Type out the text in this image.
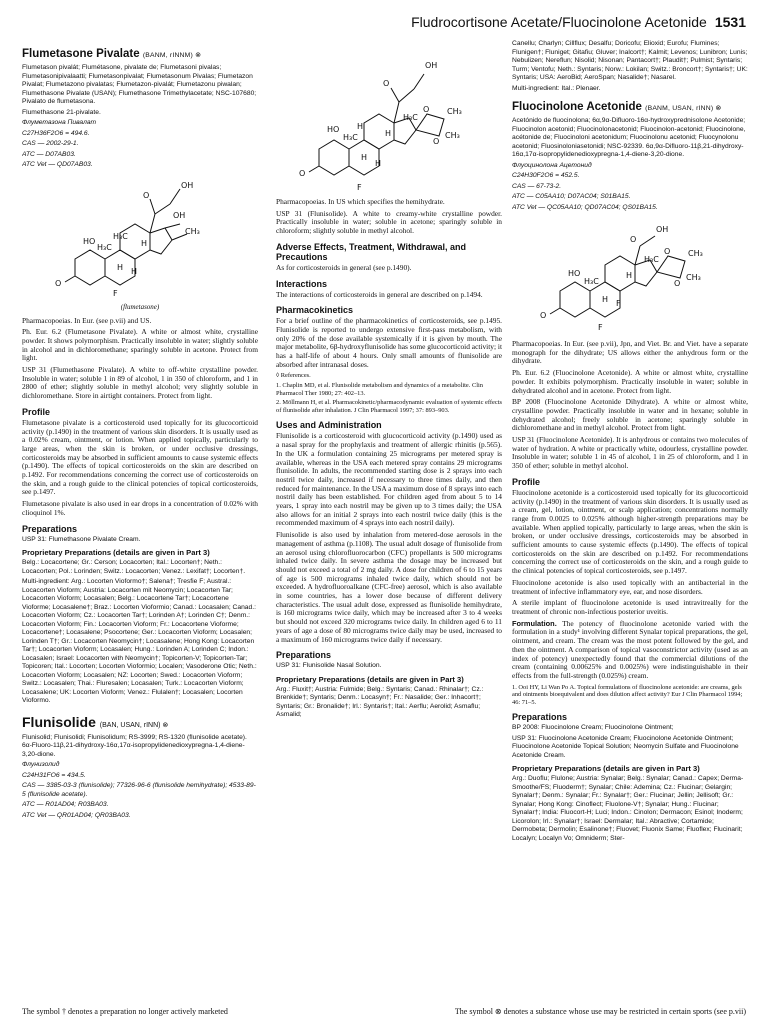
Fludrocortisone Acetate/Fluocinolone Acetonide 1531
Flumetasone Pivalate (BANM, rINNM) ⊗

Flumetason pivalát; Flumétasone, pivalate de; Flumetasoni pivalas; Flumetasonipivalaatti; Flumetasonpivalat; Flumetasonum Pivalas; Flumetazon Pivalat; Flumetazono pivalatas; Flumetazon-pivalát; Flumetazonu piwalan; Flumethasone Pivalate (USAN); Flumethasone Trimethylacetate; NSC-107680; Pivalato de flumetasona.

Flumethasone 21-pivalate.

Флуметазона Пивалат

C27H36F2O6 = 494.6.

CAS — 2002-29-1.

ATC — D07AB03.

ATC Vet — QD07AB03.

O
H₃C
HO
H₃C
H
H
F
OH
O
OH
CH₃
H
(flumetasone)

Pharmacopoeias. In Eur. (see p.vii) and US.

Ph. Eur. 6.2 (Flumetasone Pivalate). A white or almost white, crystalline powder. It shows polymorphism. Practically insoluble in water; slightly soluble in alcohol and in dichloromethane; sparingly soluble in acetone. Protect from light.

USP 31 (Flumethasone Pivalate). A white to off-white crystalline powder. Insoluble in water; soluble 1 in 89 of alcohol, 1 in 350 of chloroform, and 1 in 2800 of ether; slightly soluble in methyl alcohol; very slightly soluble in dichloromethane. Store in airtight containers. Protect from light.

Profile

Flumetasone pivalate is a corticosteroid used topically for its glucocorticoid activity (p.1490) in the treatment of various skin disorders. It is usually used as a 0.02% cream, ointment, or lotion. When applied topically, particularly to large areas, when the skin is broken, or under occlusive dressings, corticosteroids may be absorbed in sufficient amounts to cause systemic effects (p.1490). The effects of topical corticosteroids on the skin are described on p.1492. For recommendations concerning the correct use of corticosteroids on the skin, and a rough guide to the clinical potencies of topical corticosteroids, see p.1497.

Flumetasone pivalate is also used in ear drops in a concentration of 0.02% with clioquinol 1%.

Preparations

USP 31: Flumethasone Pivalate Cream.

Proprietary Preparations (details are given in Part 3)

Belg.: Locacortene; Gr.: Cerson; Locacorten; Ital.: Locorten†; Neth.: Locacorten; Pol.: Lorinden; Switz.: Locacorten; Venez.: Lexifat†; Locorten†.

Multi-ingredient: Arg.: Locorten Vioformo†; Salena†; Tresfie F; Austral.: Locacorten Vioform; Austria: Locacorten mit Neomycin; Locacorten Tar; Locacorten Vioform; Locasalen; Belg.: Locacortene Tar†; Locacortene Vioforme; Locasalene†; Braz.: Locorten Vioformio; Canad.: Locasalen; Canad.: Locacorten Vioform; Cz.: Locacorten Tar†; Lorinden A†; Lorinden C†; Denm.: Locacorten Vioform; Fin.: Locacorten Vioform; Fr.: Locacortene Vioforme; Locacortene†; Locasalene; Psocortene; Ger.: Locacorten Vioform; Locasalen; Lorinden T†; Gr.: Locacorten Neomycin†; Locasalene; Hong Kong: Locacorten Tar†; Locacorten Vioform; Locasalen; Hung.: Lorinden A; Lorinden C; Indon.: Locasalen; Israel: Locacorten with Neomycin†; Topicorten-V; Topicorten-Tar; Topicoren; Ital.: Locorten; Locorten Vioformio; Localen; Vasoderone Otic; Neth.: Locacorten Vioform; Locasalen; NZ: Locorten; Swed.: Locacorten Vioform; Switz.: Locasalen; Thai.: Fluresalen; Locasalen; Turk.: Locacorten Vioform; Locasalene; UK: Locorten Vioform; Venez.: Flulalen†; Locasalen; Locorten Vioformo.

Flunisolide (BAN, USAN, rINN) ⊗

Flunisolid; Flunisolidi; Flunisolidum; RS-3999; RS-1320 (flunisolide acetate). 6α-Fluoro-11β,21-dihydroxy-16α,17α-isopropylidenedioxypregna-1,4-diene-3,20-dione.

Флунизолид

C24H31FO6 = 434.5.

CAS — 3385-03-3 (flunisolide); 77326-96-6 (flunisolide hemihydrate); 4533-89-5 (flunisolide acetate).

ATC — R01AD04; R03BA03.

ATC Vet — QR01AD04; QR03BA03.

O
HO
H₃C
H
H
H
F
H
OH
O
H₃C
CH₃
CH₃
O
O

Pharmacopoeias. In US which specifies the hemihydrate.

USP 31 (Flunisolide). A white to creamy-white crystalline powder. Practically insoluble in water; soluble in acetone; sparingly soluble in chloroform; slightly soluble in methyl alcohol.

Adverse Effects, Treatment, Withdrawal, and Precautions

As for corticosteroids in general (see p.1490).

Interactions

The interactions of corticosteroids in general are described on p.1494.

Pharmacokinetics

For a brief outline of the pharmacokinetics of corticosteroids, see p.1495. Flunisolide is reported to undergo extensive first-pass metabolism, with only 20% of the dose available systemically if it is given by mouth. The major metabolite, 6β-hydroxyflunisolide has some glucocorticoid activity; it has a half-life of about 4 hours. Only small amounts of flunisolide are absorbed after intranasal doses.

◊ References.

1. Chaplin MD, et al. Flunisolide metabolism and dynamics of a metabolite. Clin Pharmacol Ther 1980; 27: 402–13.

2. Möllmann H, et al. Pharmacokinetic/pharmacodynamic evaluation of systemic effects of flunisolide after inhalation. J Clin Pharmacol 1997; 37: 893–903.

Uses and Administration

Flunisolide is a corticosteroid with glucocorticoid activity (p.1490) used as a nasal spray for the prophylaxis and treatment of allergic rhinitis (p.565). In the UK a formulation containing 25 micrograms per metered spray is available, whereas in the USA each metered spray contains 29 micrograms flunisolide. In adults, the recommended starting dose is 2 sprays into each nostril twice daily, increased if necessary to three times daily, and then reduced for maintenance. In the USA a maximum dose of 8 sprays into each nostril daily has been established. For children aged from about 5 to 14 years, 1 spray into each nostril may be given up to 3 times daily; the USA also allows for an initial 2 sprays into each nostril twice daily (this is the recommended maximum of 4 sprays into each nostril daily).

Flunisolide is also used by inhalation from metered-dose aerosols in the management of asthma (p.1108). The usual adult dosage of flunisolide from an aerosol using chlorofluorocarbon (CFC) propellants is 500 micrograms inhaled twice daily. In severe asthma the dosage may be increased but should not exceed a total of 2 mg daily. A dose for children of 6 to 15 years of age is 500 micrograms inhaled twice daily, which should not be exceeded. A hydrofluoroalkane (CFC-free) aerosol, which is also available in some countries, has a lower dose because of different delivery characteristics. The usual adult dose, expressed as flunisolide hemihydrate, is 160 micrograms twice daily, which may be increased after 3 to 4 weeks but should not exceed 320 micrograms twice daily. In children aged 6 to 11 years of age a dose of 80 micrograms twice daily may be used, increased to a maximum of 160 micrograms twice daily if necessary.

Preparations

USP 31: Flunisolide Nasal Solution.

Proprietary Preparations (details are given in Part 3)

Arg.: Fluxit†; Austria: Fulmide; Belg.: Syntaris; Canad.: Rhinalar†; Cz.: Brenkide†; Syntaris; Denm.: Locasyn†; Fr.: Nasalide; Ger.: Inhacort†; Syntaris; Gr.: Bronalide†; Irl.: Syntaris†; Ital.: Aerflu; Aerolid; Asmaflu; Asmalid;

Canellu; Charlyn; Cillflux; Desalfu; Doricofu; Elioxid; Eurofu; Flumines; Flunigen†; Fluniget; Gitafiu; Gluver; Inalcort†; Kalmit; Levenos; Lunibron; Lunis; Nebulizen; Nereflun; Nisolid; Nisonan; Pantacort†; Plaudit†; Pulmist; Syntaris; Turm; Ventofu; Neth.: Syntaris; Norw.: Lokilan; Switz.: Broncort†; Syntaris†; UK: Syntaris; USA: AeroBid; AeroSpan; Nasalide†; Nasarel.

Multi-ingredient: Ital.: Plenaer.

Fluocinolone Acetonide (BANM, USAN, rINN) ⊗

Acetónido de fluocinolona; 6α,9α-Difluoro-16α-hydroxyprednisolone Acetonide; Fluocinolon acetonid; Fluocinolonacetonid; Fluocinolon-acetonid; Fluocinolone, acétonide de; Fluocinoloni acetonidum; Fluocinolonu acetonid; Fluocynolonu acetonid; Fluosinoloniasetonidi; NSC-92339. 6α,9α-Difluoro-11β,21-dihydroxy-16α,17α-isopropylidenedioxypregna-1,4-diene-3,20-dione.

Флуоцинолона Ацетонид

C24H30F2O6 = 452.5.

CAS — 67-73-2.

ATC — C05AA10; D07AC04; S01BA15.

ATC Vet — QC05AA10; QD07AC04; QS01BA15.

O
HO
H₃C
H
H
F
F
OH
H₃C
CH₃
CH₃
O
O
O

Pharmacopoeias. In Eur. (see p.vii), Jpn, and Viet. Br. and Viet. have a separate monograph for the dihydrate; US allows either the anhydrous form or the dihydrate.

Ph. Eur. 6.2 (Fluocinolone Acetonide). A white or almost white, crystalline powder. It exhibits polymorphism. Practically insoluble in water; soluble in dehydrated alcohol and in acetone. Protect from light.

BP 2008 (Fluocinolone Acetonide Dihydrate). A white or almost white, crystalline powder. Practically insoluble in water and in hexane; soluble in dehydrated alcohol; freely soluble in acetone; sparingly soluble in dichloromethane and in methyl alcohol. Protect from light.

USP 31 (Fluocinolone Acetonide). It is anhydrous or contains two molecules of water of hydration. A white or practically white, odourless, crystalline powder. Insoluble in water; soluble 1 in 45 of alcohol, 1 in 25 of chloroform, and 1 in 350 of ether; soluble in methyl alcohol.

Profile

Fluocinolone acetonide is a corticosteroid used topically for its glucocorticoid activity (p.1490) in the treatment of various skin disorders. It is usually used as a cream, gel, lotion, ointment, or scalp application; concentrations normally range from 0.0025 to 0.025% although higher-strength preparations may be available. When applied topically, particularly to large areas, when the skin is broken, or under occlusive dressings, corticosteroids may be absorbed in sufficient amounts to cause systemic effects (p.1490). The effects of topical corticosteroids on the skin are described on p.1492. For recommendations concerning the correct use of corticosteroids on the skin, and a rough guide to the clinical potencies of topical corticosteroids, see p.1497.

Fluocinolone acetonide is also used topically with an antibacterial in the treatment of infective inflammatory eye, ear, and nose disorders.

A sterile implant of fluocinolone acetonide is used intravitreally for the treatment of chronic non-infectious posterior uveitis.

Formulation. The potency of fluocinolone acetonide varied with the formulation in a study¹ involving different Synalar topical preparations, the gel, ointment, and cream. The cream was the most potent followed by the gel, and then the ointment. A comparison of topical vasoconstrictor activity (used as an index of potency) unexpectedly found that the commercial dilutions of the cream (containing 0.00625% and 0.0025%) were indistinguishable in their effects from the full-strength (0.025%) cream.

1. Ooi HY, Li Wan Po A. Topical formulations of fluocinolone acetonide: are creams, gels and ointments bioequivalent and does dilution affect activity? Eur J Clin Pharmacol 1994; 46: 71–5.

Preparations

BP 2008: Fluocinolone Cream; Fluocinolone Ointment;

USP 31: Fluocinolone Acetonide Cream; Fluocinolone Acetonide Ointment; Fluocinolone Acetonide Topical Solution; Neomycin Sulfate and Fluocinolone Acetonide Cream.

Proprietary Preparations (details are given in Part 3)

Arg.: Duoflu; Flulone; Austria: Synalar; Belg.: Synalar; Canad.: Capex; Derma-Smoothe/FS; Fluoderm†; Synalar; Chile: Ademina; Cz.: Flucinar; Gelargin; Synalar†; Denm.: Synalar; Fr.: Synalar†; Ger.: Flucinar; Jellin; Jellisoft; Gr.: Synalar; Hong Kong: Cinoflect; Fluolone-V†; Synalar; Hung.: Flucinar; Synalar†; India: Fluocort-H; Luci; Indon.: Cinolon; Dermacon; Esinol; Inoderm; Licorolon; Irl.: Synalar†; Israel: Dermalar; Ital.: Abractive; Cortamide; Dermobeta; Dermolin; Esalinone†; Fluovet; Fluonix Same; Fluoflex; Flucinarit; Localyn; Localyn Vo; Omniderm; Ster-

The symbol † denotes a preparation no longer actively marketed	The symbol ⊗ denotes a substance whose use may be restricted in certain sports (see p.vii)
